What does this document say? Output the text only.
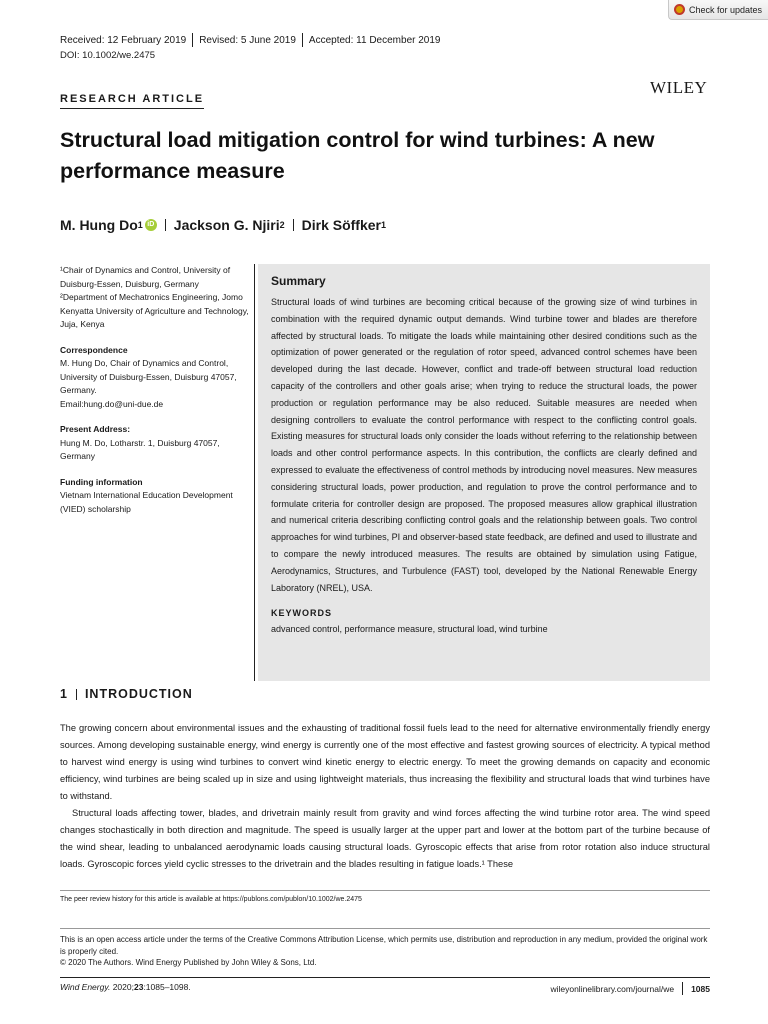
Check for updates
Received: 12 February 2019 Revised: 5 June 2019 Accepted: 11 December 2019
DOI: 10.1002/we.2475
WILEY
RESEARCH ARTICLE
Structural load mitigation control for wind turbines: A new performance measure
M. Hung Do 1 iD Jackson G. Njiri 2 Dirk Söffker 1
¹Chair of Dynamics and Control, University of Duisburg-Essen, Duisburg, Germany
²Department of Mechatronics Engineering, Jomo Kenyatta University of Agriculture and Technology, Juja, Kenya
Correspondence
M. Hung Do, Chair of Dynamics and Control, University of Duisburg-Essen, Duisburg 47057, Germany.
Email:hung.do@uni-due.de
Present Address:
Hung M. Do, Lotharstr. 1, Duisburg 47057, Germany
Funding information
Vietnam International Education Development (VIED) scholarship
Summary
Structural loads of wind turbines are becoming critical because of the growing size of wind turbines in combination with the required dynamic output demands. Wind turbine tower and blades are therefore affected by structural loads. To mitigate the loads while maintaining other desired conditions such as the optimization of power generated or the regulation of rotor speed, advanced control schemes have been developed during the last decade. However, conflict and trade-off between structural load reduction capacity of the controllers and other goals arise; when trying to reduce the structural loads, the power production or regulation performance may be also reduced. Suitable measures are needed when designing controllers to evaluate the control performance with respect to the conflicting control goals. Existing measures for structural loads only consider the loads without referring to the relationship between loads and other control performance aspects. In this contribution, the conflicts are clearly defined and expressed to evaluate the effectiveness of control methods by introducing novel measures. New measures considering structural loads, power production, and regulation to prove the control performance and to formulate criteria for controller design are proposed. The proposed measures allow graphical illustration and numerical criteria describing conflicting control goals and the relationship between goals. Two control approaches for wind turbines, PI and observer-based state feedback, are defined and used to illustrate and to compare the newly introduced measures. The results are obtained by simulation using Fatigue, Aerodynamics, Structures, and Turbulence (FAST) tool, developed by the National Renewable Energy Laboratory (NREL), USA.
KEYWORDS
advanced control, performance measure, structural load, wind turbine
1 INTRODUCTION

The growing concern about environmental issues and the exhausting of traditional fossil fuels lead to the need for alternative environmentally friendly energy sources. Among developing sustainable energy, wind energy is currently one of the most effective and fastest growing sources of electricity. A typical method to harvest wind energy is using wind turbines to convert wind kinetic energy to electric energy. To meet the growing demands on capacity and economic efficiency, wind turbines are being scaled up in size and using lightweight materials, thus increasing the flexibility and structural loads that wind turbines have to withstand.

Structural loads affecting tower, blades, and drivetrain mainly result from gravity and wind forces affecting the wind turbine rotor area. The wind speed changes stochastically in both direction and magnitude. The speed is usually larger at the upper part and lower at the bottom part of the turbine because of the wind shear, leading to unbalanced aerodynamic loads causing structural loads. Gyroscopic effects that arise from rotor rotation also induce structural loads. Gyroscopic forces yield cyclic stresses to the drivetrain and the blades resulting in fatigue loads.¹ These

The peer review history for this article is available at https://publons.com/publon/10.1002/we.2475
This is an open access article under the terms of the Creative Commons Attribution License, which permits use, distribution and reproduction in any medium, provided the original work is properly cited.
© 2020 The Authors. Wind Energy Published by John Wiley & Sons, Ltd.
Wind Energy. 2020;23:1085–1098.	wileyonlinelibrary.com/journal/we 1085
